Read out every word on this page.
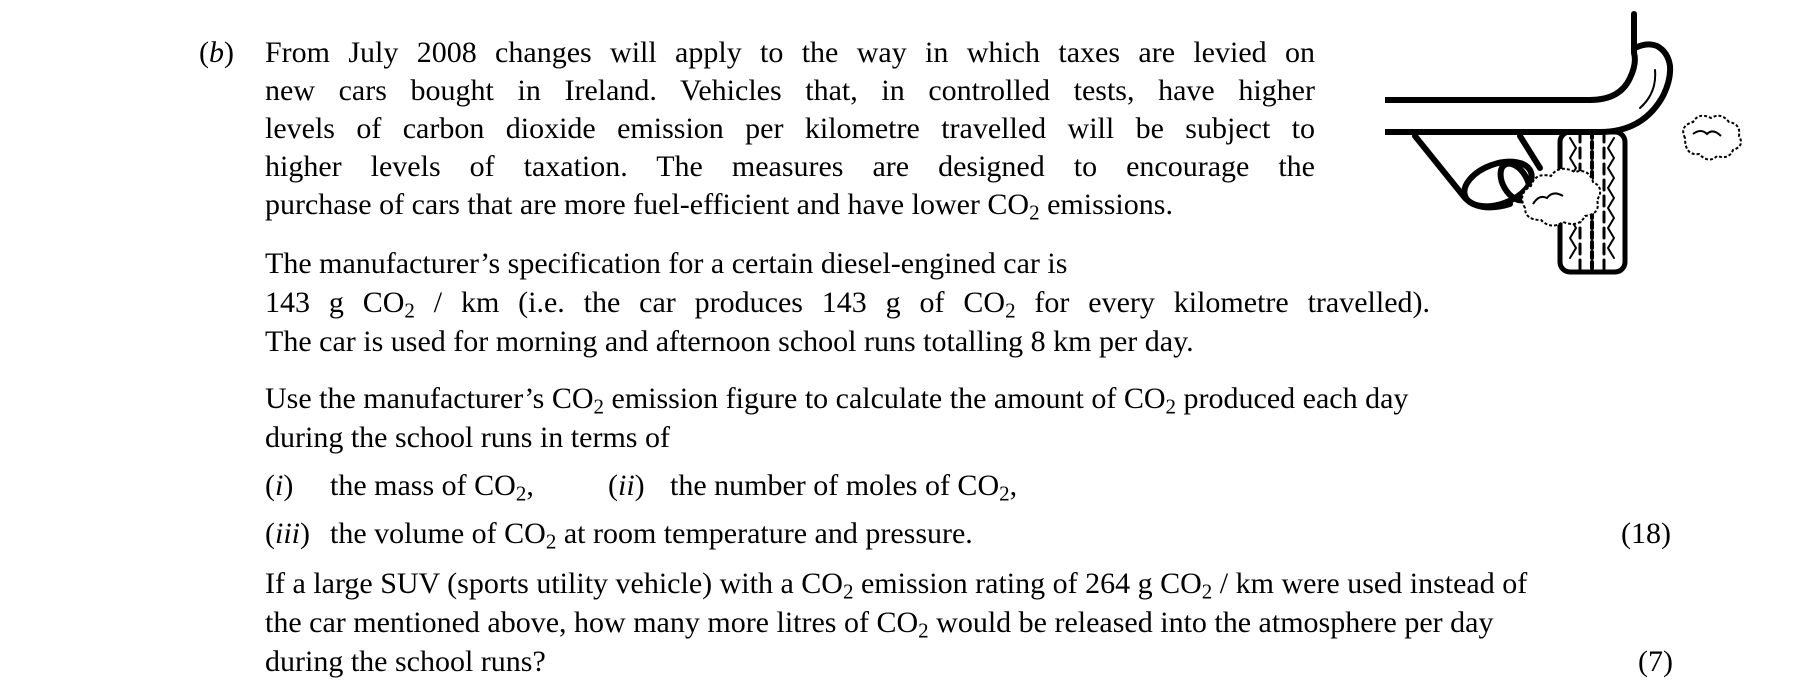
(b) From July 2008 changes will apply to the way in which taxes are levied on
new cars bought in Ireland. Vehicles that, in controlled tests, have higher
levels of carbon dioxide emission per kilometre travelled will be subject to
higher levels of taxation. The measures are designed to encourage the
purchase of cars that are more fuel-efficient and have lower $CO_2$ emissions.
The manufacturer’s specification for a certain diesel-engined car is
143 g $CO_2$ / km (i.e. the car produces 143 g of $CO_2$ for every kilometre travelled).
The car is used for morning and afternoon school runs totalling 8 km per day.
Use the manufacturer’s $CO_2$ emission figure to calculate the amount of $CO_2$ produced each day
during the school runs in terms of
(i) the mass of $CO_2$, (ii) the number of moles of $CO_2$,
(iii) the volume of $CO_2$ at room temperature and pressure.	(18)
If a large SUV (sports utility vehicle) with a $CO_2$ emission rating of 264 g $CO_2$ / km were used instead of
the car mentioned above, how many more litres of $CO_2$ would be released into the atmosphere per day
during the school runs?	(7)
